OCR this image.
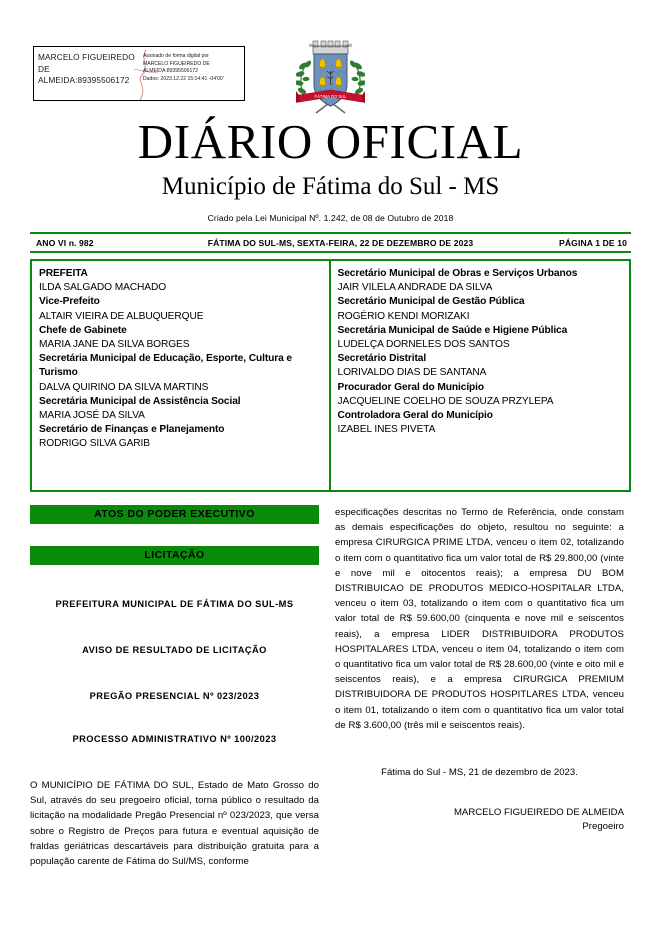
MARCELO FIGUEIREDO DE ALMEIDA:89395506172
Assinado de forma digital por
MARCELO FIGUEIREDO DE
ALMEIDA:89395506172
Dados: 2023.12.22 15:14:41 -04'00'
FÁTIMA DO SUL
DIÁRIO OFICIAL
Município de Fátima do Sul - MS
Criado pela Lei Municipal Nº. 1.242, de 08 de Outubro de 2018
ANO VI n. 982	FÁTIMA DO SUL-MS, SEXTA-FEIRA, 22 DE DEZEMBRO DE 2023	PÁGINA 1 DE 10
PREFEITA
ILDA SALGADO MACHADO
Vice-Prefeito
ALTAIR VIEIRA DE ALBUQUERQUE
Chefe de Gabinete
MARIA JANE DA SILVA BORGES
Secretária Municipal de Educação, Esporte, Cultura e Turismo
DALVA QUIRINO DA SILVA MARTINS
Secretária Municipal de Assistência Social
MARIA JOSÉ DA SILVA
Secretário de Finanças e Planejamento
RODRIGO SILVA GARIB
Secretário Municipal de Obras e Serviços Urbanos
JAIR VILELA ANDRADE DA SILVA
Secretário Municipal de Gestão Pública
ROGÉRIO KENDI MORIZAKI
Secretária Municipal de Saúde e Higiene Pública
LUDELÇA DORNELES DOS SANTOS
Secretário Distrital
LORIVALDO DIAS DE SANTANA
Procurador Geral do Município
JACQUELINE COELHO DE SOUZA PRZYLEPA
Controladora Geral do Município
IZABEL INES PIVETA
ATOS DO PODER EXECUTIVO
LICITAÇÃO
PREFEITURA MUNICIPAL DE FÁTIMA DO SUL-MS
AVISO DE RESULTADO DE LICITAÇÃO
PREGÃO PRESENCIAL Nº 023/2023
PROCESSO ADMINISTRATIVO Nº 100/2023

O MUNICÍPIO DE FÁTIMA DO SUL, Estado de Mato Grosso do Sul, através do seu pregoeiro oficial, torna público o resultado da licitação na modalidade Pregão Presencial nº 023/2023, que versa sobre o Registro de Preços para futura e eventual aquisição de fraldas geriátricas descartáveis para distribuição gratuita para a população carente de Fátima do Sul/MS, conforme

especificações descritas no Termo de Referência, onde constam as demais especificações do objeto, resultou no seguinte: a empresa CIRURGICA PRIME LTDA, venceu o item 02, totalizando o item com o quantitativo fica um valor total de R$ 29.800,00 (vinte e nove mil e oitocentos reais); a empresa DU BOM DISTRIBUICAO DE PRODUTOS MEDICO-HOSPITALAR LTDA, venceu o item 03, totalizando o item com o quantitativo fica um valor total de R$ 59.600,00 (cinquenta e nove mil e seiscentos reais), a empresa LIDER DISTRIBUIDORA PRODUTOS HOSPITALARES LTDA, venceu o item 04, totalizando o item com o quantitativo fica um valor total de R$ 28.600,00 (vinte e oito mil e seiscentos reais), e a empresa CIRURGICA PREMIUM DISTRIBUIDORA DE PRODUTOS HOSPITLARES LTDA, venceu o item 01, totalizando o item com o quantitativo fica um valor total de R$ 3.600,00 (três mil e seiscentos reais).

Fátima do Sul - MS, 21 de dezembro de 2023.
MARCELO FIGUEIREDO DE ALMEIDA
Pregoeiro
